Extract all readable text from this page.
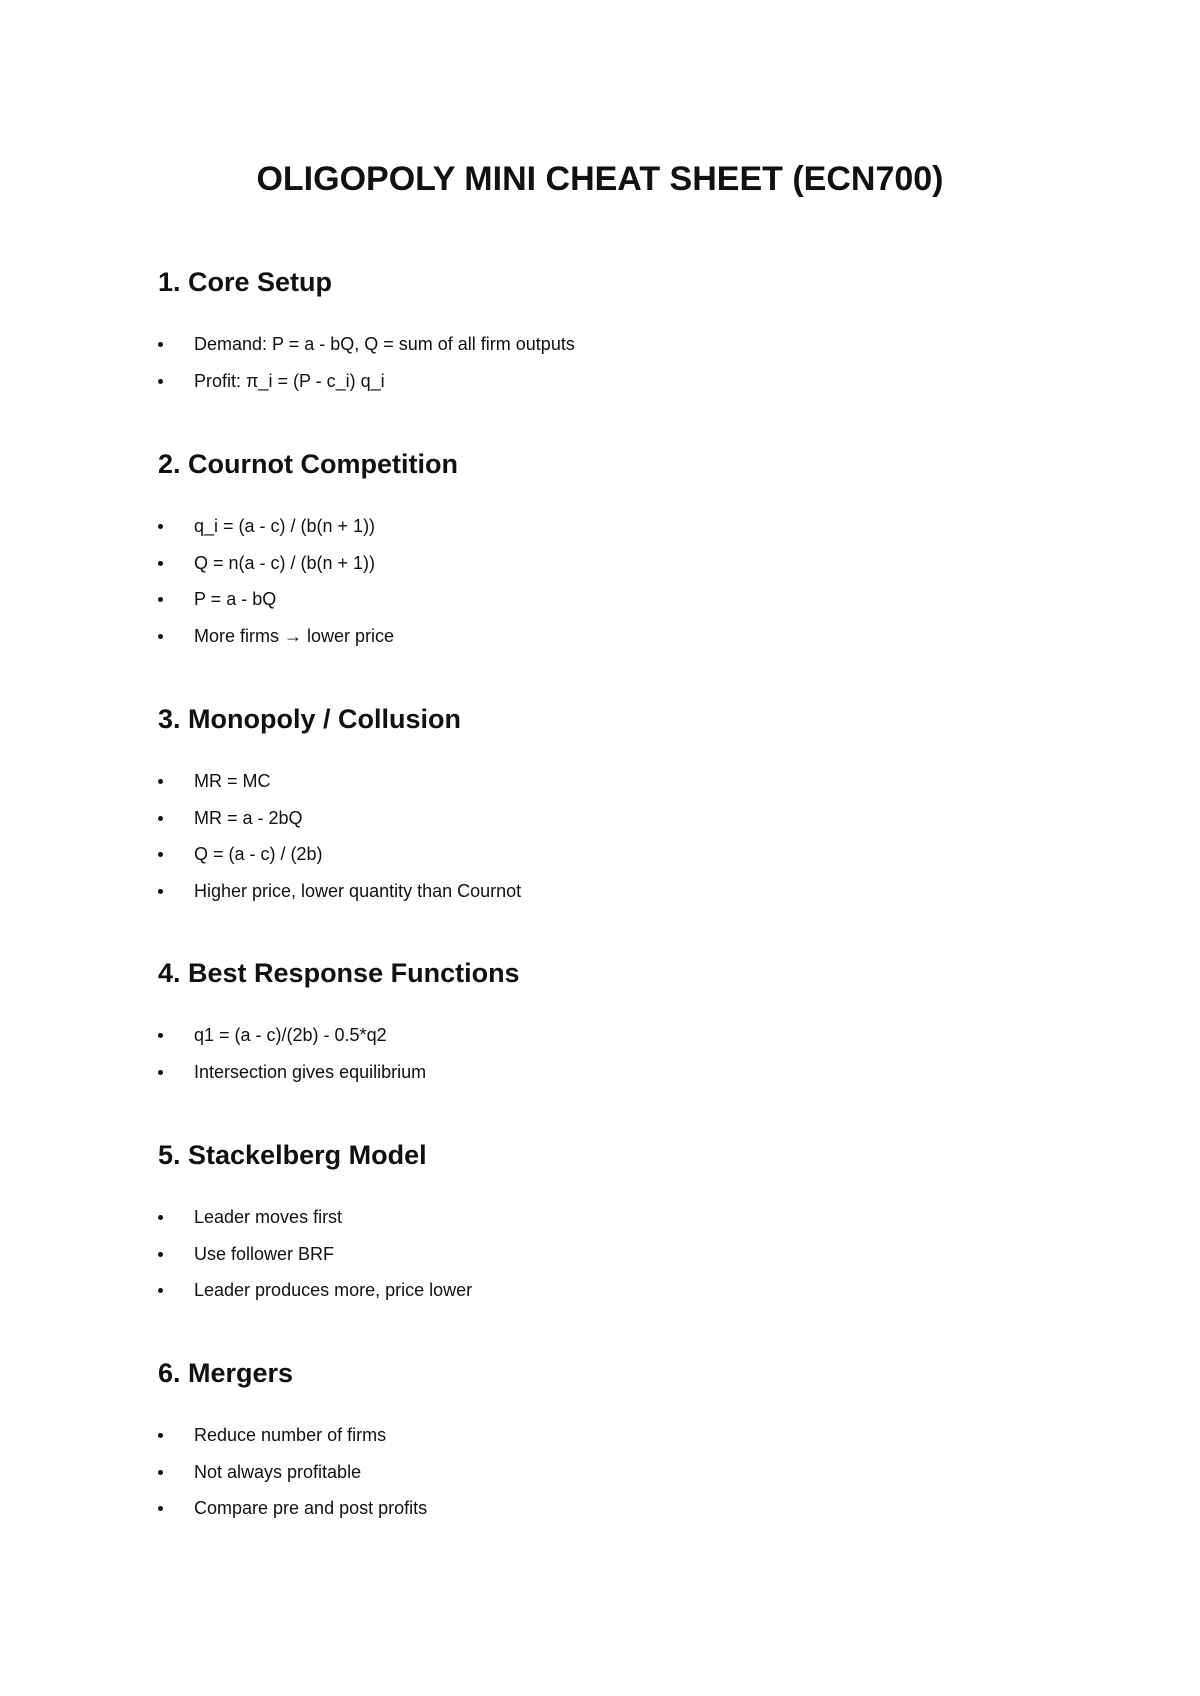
OLIGOPOLY MINI CHEAT SHEET (ECN700)
1. Core Setup
Demand: P = a - bQ, Q = sum of all firm outputs
Profit: π_i = (P - c_i) q_i
2. Cournot Competition
q_i = (a - c) / (b(n + 1))
Q = n(a - c) / (b(n + 1))
P = a - bQ
More firms → lower price
3. Monopoly / Collusion
MR = MC
MR = a - 2bQ
Q = (a - c) / (2b)
Higher price, lower quantity than Cournot
4. Best Response Functions
q1 = (a - c)/(2b) - 0.5*q2
Intersection gives equilibrium
5. Stackelberg Model
Leader moves first
Use follower BRF
Leader produces more, price lower
6. Mergers
Reduce number of firms
Not always profitable
Compare pre and post profits
